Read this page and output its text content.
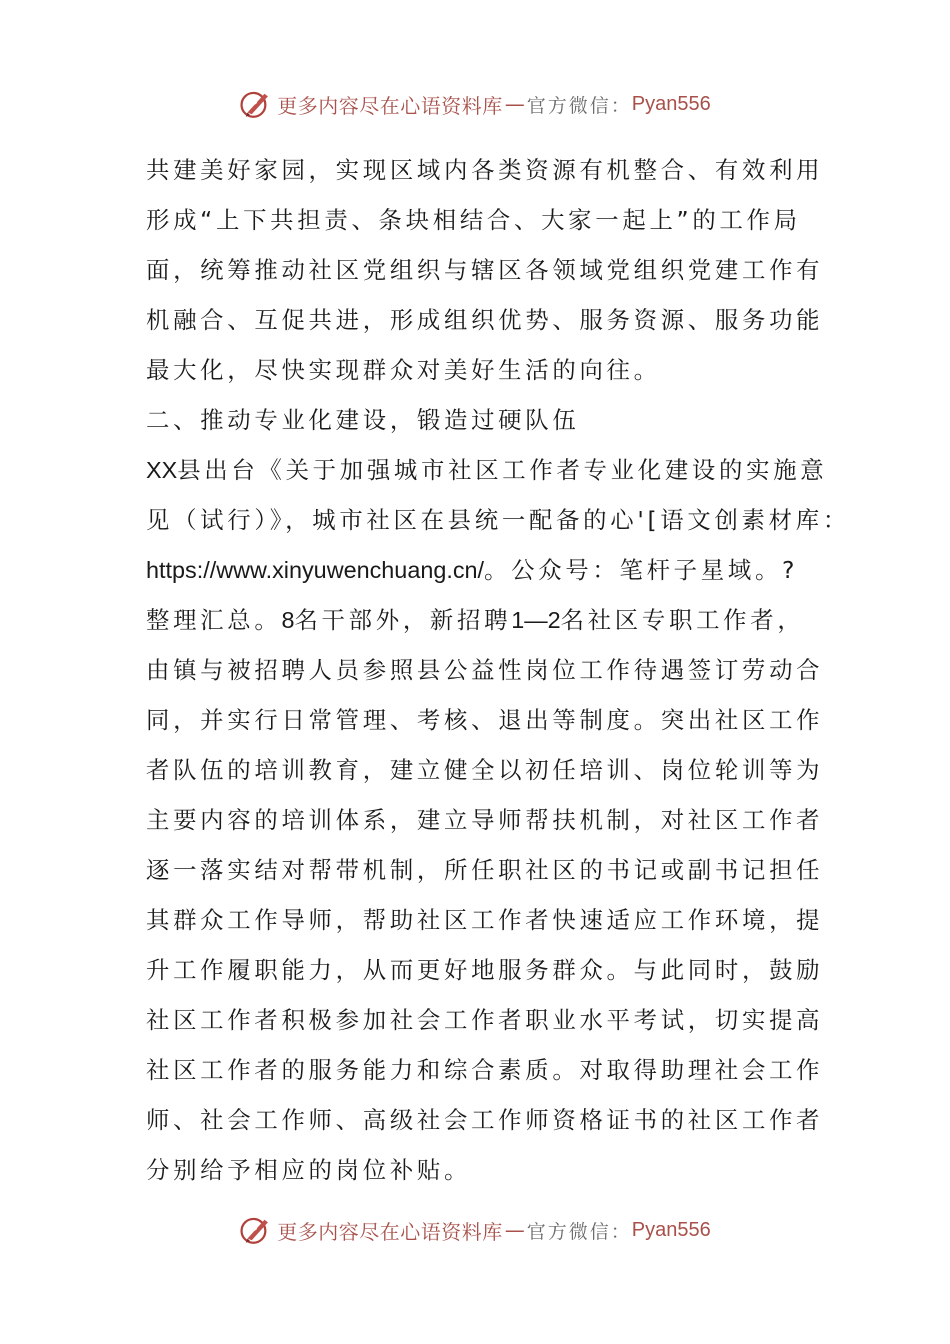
更多内容尽在心语资料库 — 官方微信： Pyan556
共建美好家园，实现区域内各类资源有机整合、有效利用
形成“上下共担责、条块相结合、大家一起上”的工作局
面，统筹推动社区党组织与辖区各领域党组织党建工作有
机融合、互促共进，形成组织优势、服务资源、服务功能
最大化，尽快实现群众对美好生活的向往。
二、推动专业化建设，锻造过硬队伍
XX县出台《关于加强城市社区工作者专业化建设的实施意
见（试行）》，城市社区在县统一配备的心'[语文创素材库：
https://www.xinyuwenchuang.cn/。公众号：笔杆子星域。?
整理汇总。8名干部外，新招聘1—2名社区专职工作者，
由镇与被招聘人员参照县公益性岗位工作待遇签订劳动合
同，并实行日常管理、考核、退出等制度。突出社区工作
者队伍的培训教育，建立健全以初任培训、岗位轮训等为
主要内容的培训体系，建立导师帮扶机制，对社区工作者
逐一落实结对帮带机制，所任职社区的书记或副书记担任
其群众工作导师，帮助社区工作者快速适应工作环境，提
升工作履职能力，从而更好地服务群众。与此同时，鼓励
社区工作者积极参加社会工作者职业水平考试，切实提高
社区工作者的服务能力和综合素质。对取得助理社会工作
师、社会工作师、高级社会工作师资格证书的社区工作者
分别给予相应的岗位补贴。
更多内容尽在心语资料库 — 官方微信： Pyan556
